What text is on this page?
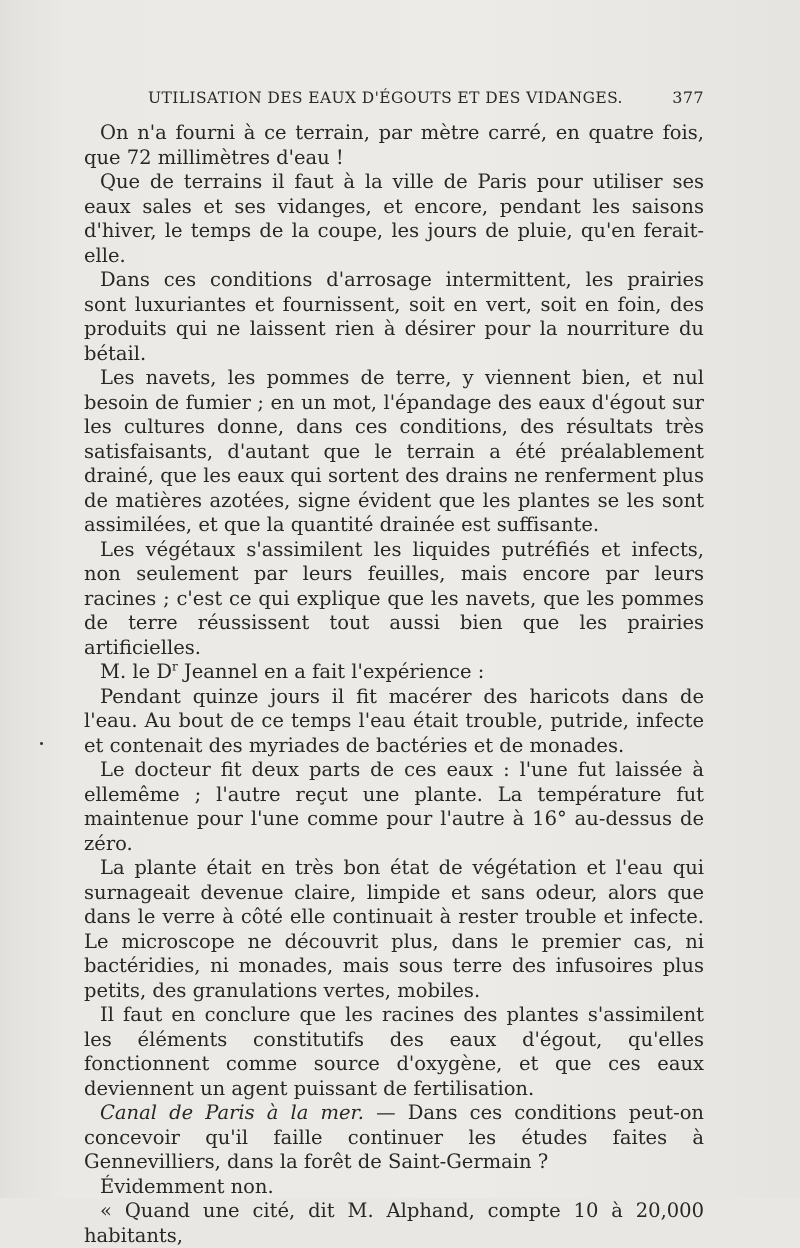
UTILISATION DES EAUX D'ÉGOUTS ET DES VIDANGES.	377

On n'a fourni à ce terrain, par mètre carré, en quatre fois, que 72 millimètres d'eau !

Que de terrains il faut à la ville de Paris pour utiliser ses eaux sales et ses vidanges, et encore, pendant les saisons d'hiver, le temps de la coupe, les jours de pluie, qu'en ferait-elle.

Dans ces conditions d'arrosage intermittent, les prairies sont luxuriantes et fournissent, soit en vert, soit en foin, des produits qui ne laissent rien à désirer pour la nourriture du bétail.

Les navets, les pommes de terre, y viennent bien, et nul besoin de fumier ; en un mot, l'épandage des eaux d'égout sur les cultures donne, dans ces conditions, des résultats très satisfaisants, d'autant que le terrain a été préalablement drainé, que les eaux qui sortent des drains ne renferment plus de matières azotées, signe évident que les plantes se les sont assimilées, et que la quantité drainée est suffisante.

Les végétaux s'assimilent les liquides putréfiés et infects, non seulement par leurs feuilles, mais encore par leurs racines ; c'est ce qui explique que les navets, que les pommes de terre réussissent tout aussi bien que les prairies artificielles.

M. le $D^r$ Jeannel en a fait l'expérience :

Pendant quinze jours il fit macérer des haricots dans de l'eau. Au bout de ce temps l'eau était trouble, putride, infecte et contenait des myriades de bactéries et de monades.

Le docteur fit deux parts de ces eaux : l'une fut laissée à ellemême ; l'autre reçut une plante. La température fut maintenue pour l'une comme pour l'autre à 16° au-dessus de zéro.

La plante était en très bon état de végétation et l'eau qui surnageait devenue claire, limpide et sans odeur, alors que dans le verre à côté elle continuait à rester trouble et infecte. Le microscope ne découvrit plus, dans le premier cas, ni bactéridies, ni monades, mais sous terre des infusoires plus petits, des granulations vertes, mobiles.

Il faut en conclure que les racines des plantes s'assimilent les éléments constitutifs des eaux d'égout, qu'elles fonctionnent comme source d'oxygène, et que ces eaux deviennent un agent puissant de fertilisation.

Canal de Paris à la mer. — Dans ces conditions peut-on concevoir qu'il faille continuer les études faites à Gennevilliers, dans la forêt de Saint-Germain ?

Évidemment non.

« Quand une cité, dit M. Alphand, compte 10 à 20,000 habitants,
